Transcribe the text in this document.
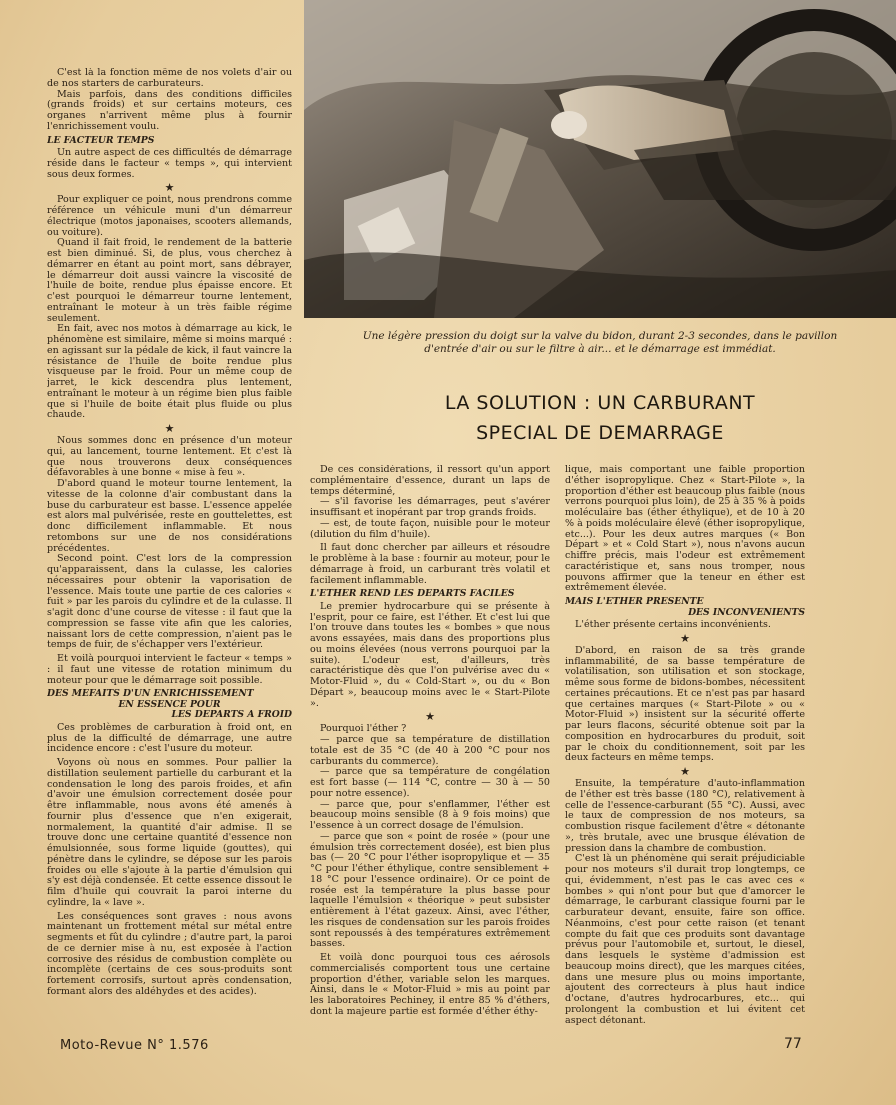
Une légère pression du doigt sur la valve du bidon, durant 2-3 secondes, dans le pavillon d'entrée d'air ou sur le filtre à air... et le démarrage est immédiat.
LA SOLUTION : UN CARBURANT
SPECIAL DE DEMARRAGE

C'est là la fonction même de nos volets d'air ou de nos starters de carburateurs.

Mais parfois, dans des conditions difficiles (grands froids) et sur certains moteurs, ces organes n'arrivent même plus à fournir l'enrichissement voulu.

LE FACTEUR TEMPS

Un autre aspect de ces difficultés de démarrage réside dans le facteur « temps », qui intervient sous deux formes.

★

Pour expliquer ce point, nous prendrons comme référence un véhicule muni d'un démarreur électrique (motos japonaises, scooters allemands, ou voiture).

Quand il fait froid, le rendement de la batterie est bien diminué. Si, de plus, vous cherchez à démarrer en étant au point mort, sans débrayer, le démarreur doit aussi vaincre la viscosité de l'huile de boite, rendue plus épaisse encore. Et c'est pourquoi le démarreur tourne lentement, entraînant le moteur à un très faible régime seulement.

En fait, avec nos motos à démarrage au kick, le phénomène est similaire, même si moins marqué : en agissant sur la pédale de kick, il faut vaincre la résistance de l'huile de boite rendue plus visqueuse par le froid. Pour un même coup de jarret, le kick descendra plus lentement, entraînant le moteur à un régime bien plus faible que si l'huile de boite était plus fluide ou plus chaude.

★

Nous sommes donc en présence d'un moteur qui, au lancement, tourne lentement. Et c'est là que nous trouverons deux conséquences défavorables à une bonne « mise à feu ».

D'abord quand le moteur tourne lentement, la vitesse de la colonne d'air combustant dans la buse du carburateur est basse. L'essence appelée est alors mal pulvérisée, reste en gouttelettes, est donc difficilement inflammable. Et nous retombons sur une de nos considérations précédentes.

Second point. C'est lors de la compression qu'apparaissent, dans la culasse, les calories nécessaires pour obtenir la vaporisation de l'essence. Mais toute une partie de ces calories « fuit » par les parois du cylindre et de la culasse. Il s'agit donc d'une course de vitesse : il faut que la compression se fasse vite afin que les calories, naissant lors de cette compression, n'aient pas le temps de fuir, de s'échapper vers l'extérieur.

Et voilà pourquoi intervient le facteur « temps » : il faut une vitesse de rotation minimum du moteur pour que le démarrage soit possible.

DES MEFAITS D'UN ENRICHISSEMENT
EN ESSENCE POUR
LES DEPARTS A FROID

Ces problèmes de carburation à froid ont, en plus de la difficulté de démarrage, une autre incidence encore : c'est l'usure du moteur.

Voyons où nous en sommes. Pour pallier la distillation seulement partielle du carburant et la condensation le long des parois froides, et afin d'avoir une émulsion correctement dosée pour être inflammable, nous avons été amenés à fournir plus d'essence que n'en exigerait, normalement, la quantité d'air admise. Il se trouve donc une certaine quantité d'essence non émulsionnée, sous forme liquide (gouttes), qui pénètre dans le cylindre, se dépose sur les parois froides ou elle s'ajoute à la partie d'émulsion qui s'y est déjà condensée. Et cette essence dissout le film d'huile qui couvrait la paroi interne du cylindre, la « lave ».

Les conséquences sont graves : nous avons maintenant un frottement métal sur métal entre segments et fût du cylindre ; d'autre part, la paroi de ce dernier mise à nu, est exposée à l'action corrosive des résidus de combustion complète ou incomplète (certains de ces sous-produits sont fortement corrosifs, surtout après condensation, formant alors des aldéhydes et des acides).

De ces considérations, il ressort qu'un apport complémentaire d'essence, durant un laps de temps déterminé,

— s'il favorise les démarrages, peut s'avérer insuffisant et inopérant par trop grands froids.

— est, de toute façon, nuisible pour le moteur (dilution du film d'huile).

Il faut donc chercher par ailleurs et résoudre le problème à la base : fournir au moteur, pour le démarrage à froid, un carburant très volatil et facilement inflammable.

L'ETHER REND LES DEPARTS FACILES

Le premier hydrocarbure qui se présente à l'esprit, pour ce faire, est l'éther. Et c'est lui que l'on trouve dans toutes les « bombes » que nous avons essayées, mais dans des proportions plus ou moins élevées (nous verrons pourquoi par la suite). L'odeur est, d'ailleurs, très caractéristique dès que l'on pulvérise avec du « Motor-Fluid », du « Cold-Start », ou du « Bon Départ », beaucoup moins avec le « Start-Pilote ».

★

Pourquoi l'éther ?

— parce que sa température de distillation totale est de 35 °C (de 40 à 200 °C pour nos carburants du commerce).

— parce que sa température de congélation est fort basse (— 114 °C, contre — 30 à — 50 pour notre essence).

— parce que, pour s'enflammer, l'éther est beaucoup moins sensible (8 à 9 fois moins) que l'essence à un correct dosage de l'émulsion.

— parce que son « point de rosée » (pour une émulsion très correctement dosée), est bien plus bas (— 20 °C pour l'éther isopropylique et — 35 °C pour l'éther éthylique, contre sensiblement + 18 °C pour l'essence ordinaire). Or ce point de rosée est la température la plus basse pour laquelle l'émulsion « théorique » peut subsister entièrement à l'état gazeux. Ainsi, avec l'éther, les risques de condensation sur les parois froides sont repoussés à des températures extrêmement basses.

Et voilà donc pourquoi tous ces aérosols commercialisés comportent tous une certaine proportion d'éther, variable selon les marques. Ainsi, dans le « Motor-Fluid » mis au point par les laboratoires Pechiney, il entre 85 % d'éthers, dont la majeure partie est formée d'éther éthy-

lique, mais comportant une faible proportion d'éther isopropylique. Chez « Start-Pilote », la proportion d'éther est beaucoup plus faible (nous verrons pourquoi plus loin), de 25 à 35 % à poids moléculaire bas (éther éthylique), et de 10 à 20 % à poids moléculaire élevé (éther isopropylique, etc...). Pour les deux autres marques (« Bon Départ » et « Cold Start »), nous n'avons aucun chiffre précis, mais l'odeur est extrêmement caractéristique et, sans nous tromper, nous pouvons affirmer que la teneur en éther est extrêmement élevée.

MAIS L'ETHER PRESENTE
DES INCONVENIENTS

L'éther présente certains inconvénients.

★

D'abord, en raison de sa très grande inflammabilité, de sa basse température de volatilisation, son utilisation et son stockage, même sous forme de bidons-bombes, nécessitent certaines précautions. Et ce n'est pas par hasard que certaines marques (« Start-Pilote » ou « Motor-Fluid ») insistent sur la sécurité offerte par leurs flacons, sécurité obtenue soit par la composition en hydrocarbures du produit, soit par le choix du conditionnement, soit par les deux facteurs en même temps.

★

Ensuite, la température d'auto-inflammation de l'éther est très basse (180 °C), relativement à celle de l'essence-carburant (55 °C). Aussi, avec le taux de compression de nos moteurs, sa combustion risque facilement d'être « détonante », très brutale, avec une brusque élévation de pression dans la chambre de combustion.

C'est là un phénomène qui serait préjudiciable pour nos moteurs s'il durait trop longtemps, ce qui, évidemment, n'est pas le cas avec ces « bombes » qui n'ont pour but que d'amorcer le démarrage, le carburant classique fourni par le carburateur devant, ensuite, faire son office. Néanmoins, c'est pour cette raison (et tenant compte du fait que ces produits sont davantage prévus pour l'automobile et, surtout, le diesel, dans lesquels le système d'admission est beaucoup moins direct), que les marques citées, dans une mesure plus ou moins importante, ajoutent des correcteurs à plus haut indice d'octane, d'autres hydrocarbures, etc... qui prolongent la combustion et lui évitent cet aspect détonant.

Moto-Revue N° 1.576	77
